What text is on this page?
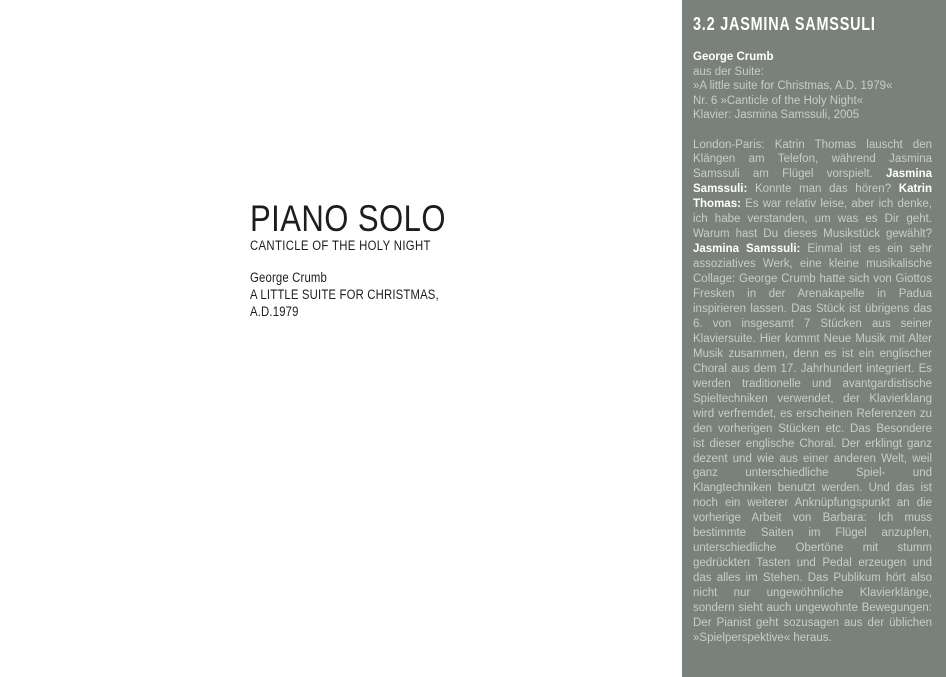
PIANO SOLO
CANTICLE OF THE HOLY NIGHT
George Crumb
A LITTLE SUITE FOR CHRISTMAS,
A.D.1979
3.2 JASMINA SAMSSULI
George Crumb
aus der Suite:
»A little suite for Christmas, A.D. 1979«
Nr. 6 »Canticle of the Holy Night«
Klavier: Jasmina Samssuli, 2005

London-Paris: Katrin Thomas lauscht den Klängen am Telefon, während Jasmina Samssuli am Flügel vorspielt. Jasmina Samssuli: Konnte man das hören? Katrin Thomas: Es war relativ leise, aber ich denke, ich habe verstanden, um was es Dir geht. Warum hast Du dieses Musikstück gewählt? Jasmina Samssuli: Einmal ist es ein sehr assoziatives Werk, eine kleine musikalische Collage: George Crumb hatte sich von Giottos Fresken in der Arenakapelle in Padua inspirieren lassen. Das Stück ist übrigens das 6. von insgesamt 7 Stücken aus seiner Klaviersuite. Hier kommt Neue Musik mit Alter Musik zusammen, denn es ist ein englischer Choral aus dem 17. Jahrhundert integriert. Es werden traditionelle und avantgardistische Spieltechniken verwendet, der Klavierklang wird verfremdet, es erscheinen Referenzen zu den vorherigen Stücken etc. Das Besondere ist dieser englische Choral. Der erklingt ganz dezent und wie aus einer anderen Welt, weil ganz unterschiedliche Spiel- und Klangtechniken benutzt werden. Und das ist noch ein weiterer Anknüpfungspunkt an die vorherige Arbeit von Barbara: Ich muss bestimmte Saiten im Flügel anzupfen, unterschiedliche Obertöne mit stumm gedrückten Tasten und Pedal erzeugen und das alles im Stehen. Das Publikum hört also nicht nur ungewöhnliche Klavierklänge, sondern sieht auch ungewohnte Bewegungen: Der Pianist geht sozusagen aus der üblichen »Spielperspektive« heraus.
